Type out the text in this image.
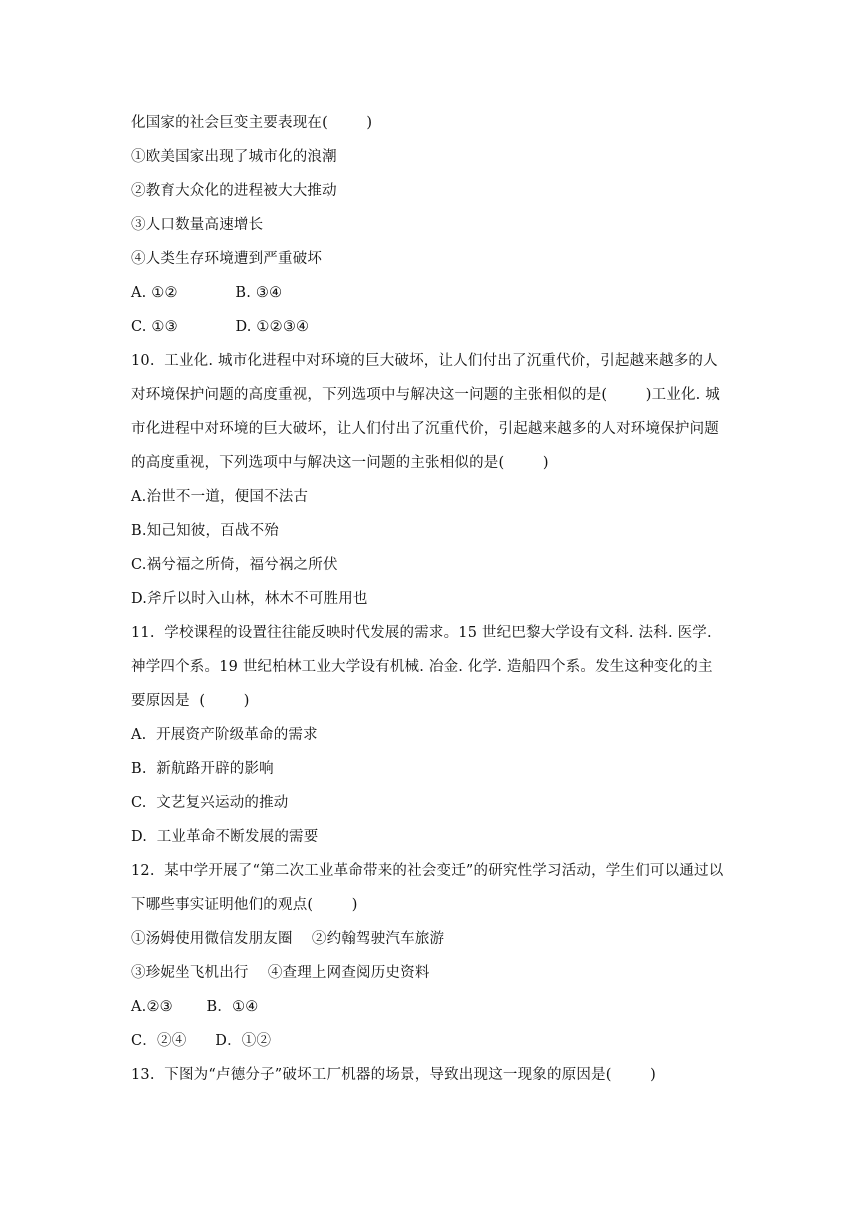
化国家的社会巨变主要表现在(        )
①欧美国家出现了城市化的浪潮
②教育大众化的进程被大大推动
③人口数量高速增长
④人类生存环境遭到严重破坏
A. ①②            B. ③④
C. ①③            D. ①②③④
10.  工业化. 城市化进程中对环境的巨大破坏，让人们付出了沉重代价，引起越来越多的人
对环境保护问题的高度重视，下列选项中与解决这一问题的主张相似的是(        )工业化. 城
市化进程中对环境的巨大破坏，让人们付出了沉重代价，引起越来越多的人对环境保护问题
的高度重视，下列选项中与解决这一问题的主张相似的是(        )
A.治世不一道，便国不法古
B.知己知彼，百战不殆
C.祸兮福之所倚，福兮祸之所伏
D.斧斤以时入山林，林木不可胜用也
11.  学校课程的设置往往能反映时代发展的需求。15 世纪巴黎大学设有文科. 法科. 医学.
神学四个系。19 世纪柏林工业大学设有机械. 冶金. 化学. 造船四个系。发生这种变化的主
要原因是  (        )
A.  开展资产阶级革命的需求
B.  新航路开辟的影响
C.  文艺复兴运动的推动
D.  工业革命不断发展的需要
12.  某中学开展了“第二次工业革命带来的社会变迁”的研究性学习活动，学生们可以通过以
下哪些事实证明他们的观点(        )
①汤姆使用微信发朋友圈    ②约翰驾驶汽车旅游
③珍妮坐飞机出行    ④查理上网查阅历史资料
A.②③       B．①④
C．②④      D．①②
13.  下图为“卢德分子”破坏工厂机器的场景，导致出现这一现象的原因是(        )
